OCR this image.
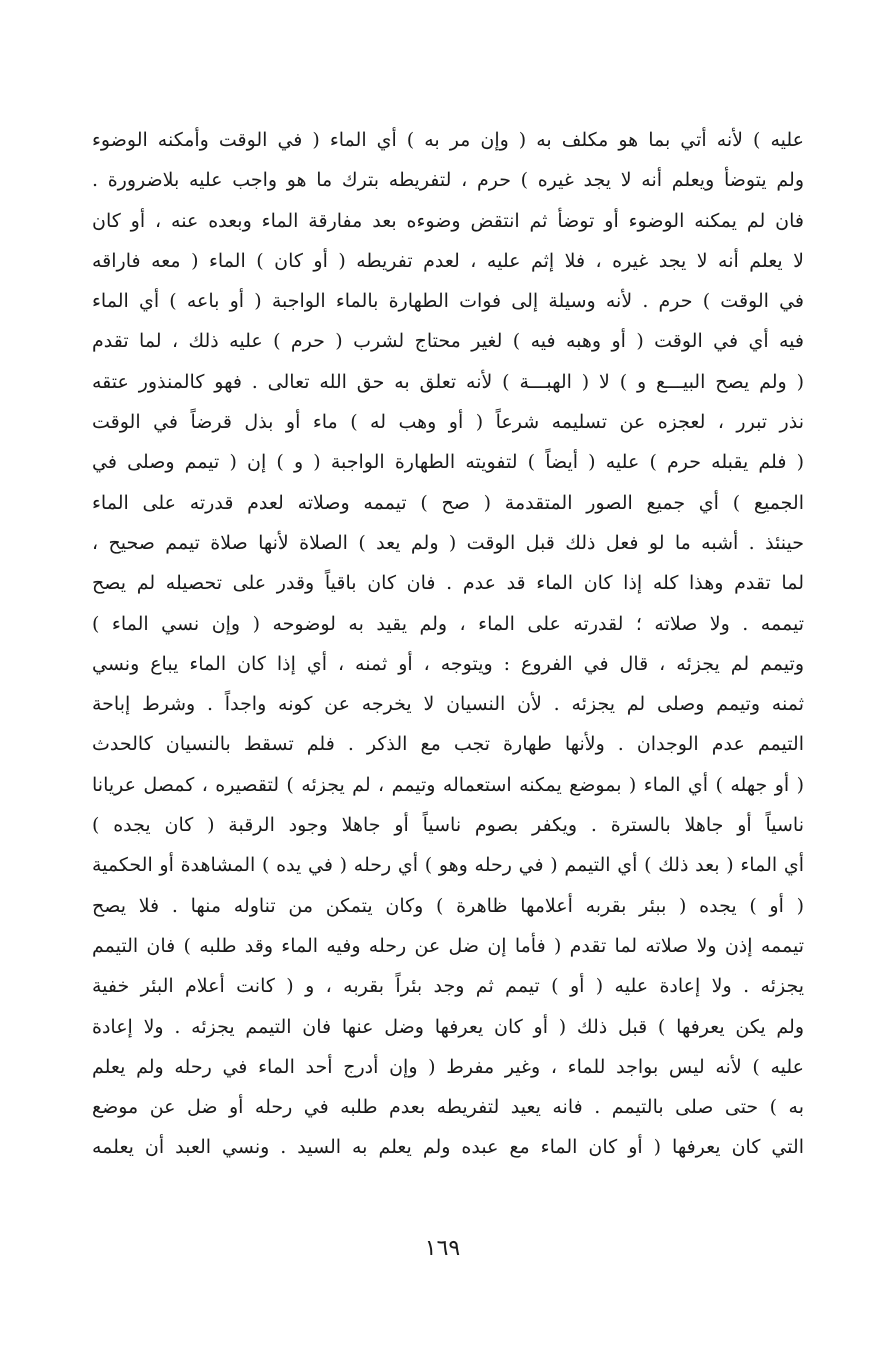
عليه ) لأنه أتي بما هو مكلف به ( وإن مر به ) أي الماء ( في الوقت وأمكنه الوضوء
ولم يتوضأ ويعلم أنه لا يجد غيره ) حرم ، لتفريطه بترك ما هو واجب عليه بلاضرورة .
فان لم يمكنه الوضوء أو توضأ ثم انتقض وضوءه بعد مفارقة الماء وبعده عنه ، أو كان
لا يعلم أنه لا يجد غيره ، فلا إثم عليه ، لعدم تفريطه ( أو كان ) الماء ( معه فاراقه
في الوقت ) حرم . لأنه وسيلة إلى فوات الطهارة بالماء الواجبة ( أو باعه ) أي الماء
فيه أي في الوقت ( أو وهبه فيه ) لغير محتاج لشرب ( حرم ) عليه ذلك ، لما تقدم
( ولم يصح البيـــع و ) لا ( الهبـــة ) لأنه تعلق به حق الله تعالى . فهو كالمنذور عتقه
نذر تبرر ، لعجزه عن تسليمه شرعاً ( أو وهب له ) ماء أو بذل قرضاً في الوقت
( فلم يقبله حرم ) عليه ( أيضاً ) لتفويته الطهارة الواجبة ( و ) إن ( تيمم وصلى في
الجميع ) أي جميع الصور المتقدمة ( صح ) تيممه وصلاته لعدم قدرته على الماء
حينئذ . أشبه ما لو فعل ذلك قبل الوقت ( ولم يعد ) الصلاة لأنها صلاة تيمم صحيح ،
لما تقدم وهذا كله إذا كان الماء قد عدم . فان كان باقياً وقدر على تحصيله لم يصح
تيممه . ولا صلاته ؛ لقدرته على الماء ، ولم يقيد به لوضوحه ( وإن نسي الماء )
وتيمم لم يجزئه ، قال في الفروع : ويتوجه ، أو ثمنه ، أي إذا كان الماء يباع ونسي
ثمنه وتيمم وصلى لم يجزئه . لأن النسيان لا يخرجه عن كونه واجداً . وشرط إباحة
التيمم عدم الوجدان . ولأنها طهارة تجب مع الذكر . فلم تسقط بالنسيان كالحدث
( أو جهله ) أي الماء ( بموضع يمكنه استعماله وتيمم ، لم يجزئه ) لتقصيره ، كمصل عريانا
ناسياً أو جاهلا بالسترة . ويكفر بصوم ناسياً أو جاهلا وجود الرقبة ( كان يجده )
أي الماء ( بعد ذلك ) أي التيمم ( في رحله وهو ) أي رحله ( في يده ) المشاهدة أو الحكمية
( أو ) يجده ( ببئر بقربه أعلامها ظاهرة ) وكان يتمكن من تناوله منها . فلا يصح
تيممه إذن ولا صلاته لما تقدم ( فأما إن ضل عن رحله وفيه الماء وقد طلبه ) فان التيمم
يجزئه . ولا إعادة عليه ( أو ) تيمم ثم وجد بئراً بقربه ، و ( كانت أعلام البئر خفية
ولم يكن يعرفها ) قبل ذلك ( أو كان يعرفها وضل عنها فان التيمم يجزئه . ولا إعادة
عليه ) لأنه ليس بواجد للماء ، وغير مفرط ( وإن أدرج أحد الماء في رحله ولم يعلم
به ) حتى صلى بالتيمم . فانه يعيد لتفريطه بعدم طلبه في رحله أو ضل عن موضع
التي كان يعرفها ( أو كان الماء مع عبده ولم يعلم به السيد . ونسي العبد أن يعلمه
١٦٩
